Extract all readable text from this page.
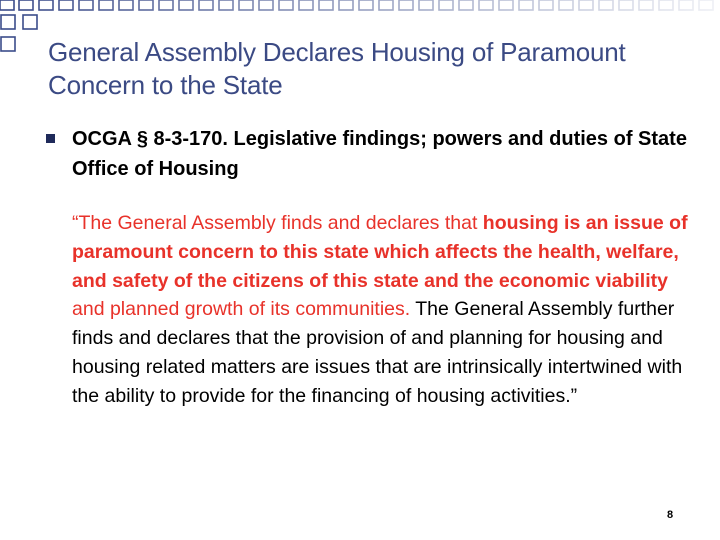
General Assembly Declares Housing of Paramount Concern to the State

OCGA § 8-3-170. Legislative findings; powers and duties of State Office of Housing

“The General Assembly finds and declares that housing is an issue of paramount concern to this state which affects the health, welfare, and safety of the citizens of this state and the economic viability and planned growth of its communities. The General Assembly further finds and declares that the provision of and planning for housing and housing related matters are issues that are intrinsically intertwined with the ability to provide for the financing of housing activities.”

8
